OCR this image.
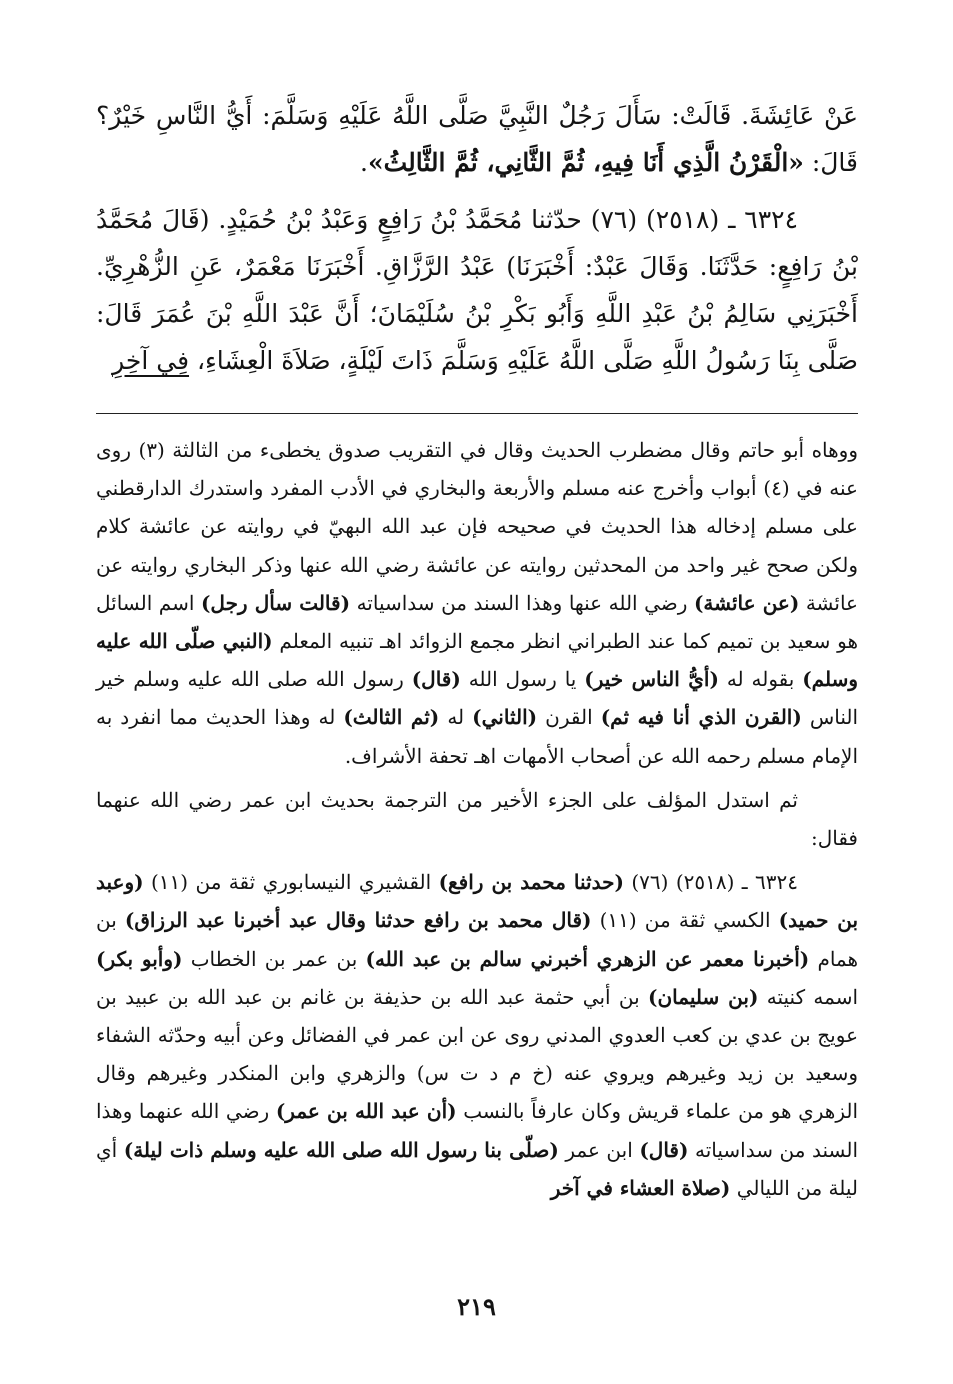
عَنْ عَائِشَةَ. قَالَتْ: سَأَلَ رَجُلٌ النَّبِيَّ صَلَّى اللَّهُ عَلَيْهِ وَسَلَّمَ: أَيُّ النَّاسِ خَيْرٌ؟ قَالَ: «الْقَرْنُ الَّذِي أَنَا فِيهِ، ثُمَّ الثَّانِي، ثُمَّ الثَّالِثُ».

٦٣٢٤ ـ (٢٥١٨) (٧٦) حدّثنا مُحَمَّدُ بْنُ رَافِعٍ وَعَبْدُ بْنُ حُمَيْدٍ. (قَالَ مُحَمَّدُ بْنُ رَافِعٍ: حَدَّثَنَا. وَقَالَ عَبْدٌ: أَخْبَرَنَا) عَبْدُ الرَّزَّاقِ. أَخْبَرَنَا مَعْمَرٌ، عَنِ الزُّهْرِيِّ. أَخْبَرَنِي سَالِمُ بْنُ عَبْدِ اللَّهِ وَأَبُو بَكْرِ بْنُ سُلَيْمَانَ؛ أَنَّ عَبْدَ اللَّهِ بْنَ عُمَرَ قَالَ: صَلَّى بِنَا رَسُولُ اللَّهِ صَلَّى اللَّهُ عَلَيْهِ وَسَلَّمَ ذَاتَ لَيْلَةٍ، صَلاَةَ الْعِشَاءِ، فِي آخِرِ

ووهاه أبو حاتم وقال مضطرب الحديث وقال في التقريب صدوق يخطىء من الثالثة (٣) روى عنه في (٤) أبواب وأخرج عنه مسلم والأربعة والبخاري في الأدب المفرد واستدرك الدارقطني على مسلم إدخاله هذا الحديث في صحيحه فإن عبد الله البهيّ في روايته عن عائشة كلام ولكن صحح غير واحد من المحدثين روايته عن عائشة رضي الله عنها وذكر البخاري روايته عن عائشة (عن عائشة) رضي الله عنها وهذا السند من سداسياته (قالت سأل رجل) اسم السائل هو سعيد بن تميم كما عند الطبراني انظر مجمع الزوائد اهـ تنبيه المعلم (النبي صلّى الله عليه وسلم) بقوله له (أيُّ الناس خير) يا رسول الله (قال) رسول الله صلى الله عليه وسلم خير الناس (القرن الذي أنا فيه ثم) القرن (الثاني) له (ثم الثالث) له وهذا الحديث مما انفرد به الإمام مسلم رحمه الله عن أصحاب الأمهات اهـ تحفة الأشراف.

ثم استدل المؤلف على الجزء الأخير من الترجمة بحديث ابن عمر رضي الله عنهما فقال:

٦٣٢٤ ـ (٢٥١٨) (٧٦) (حدثنا محمد بن رافع) القشيري النيسابوري ثقة من (١١) (وعبد بن حميد) الكسي ثقة من (١١) (قال محمد بن رافع حدثنا وقال عبد أخبرنا عبد الرزاق) بن همام (أخبرنا معمر عن الزهري أخبرني سالم بن عبد الله) بن عمر بن الخطاب (وأبو بكر) اسمه كنيته (بن سليمان) بن أبي حثمة عبد الله بن حذيفة بن غانم بن عبد الله بن عبيد بن عويج بن عدي بن كعب العدوي المدني روى عن ابن عمر في الفضائل وعن أبيه وحدّثه الشفاء وسعيد بن زيد وغيرهم ويروي عنه (خ م د ت س) والزهري وابن المنكدر وغيرهم وقال الزهري هو من علماء قريش وكان عارفاً بالنسب (أن عبد الله بن عمر) رضي الله عنهما وهذا السند من سداسياته (قال) ابن عمر (صلّى بنا رسول الله صلى الله عليه وسلم ذات ليلة) أي ليلة من الليالي (صلاة العشاء في آخر

٢١٩
